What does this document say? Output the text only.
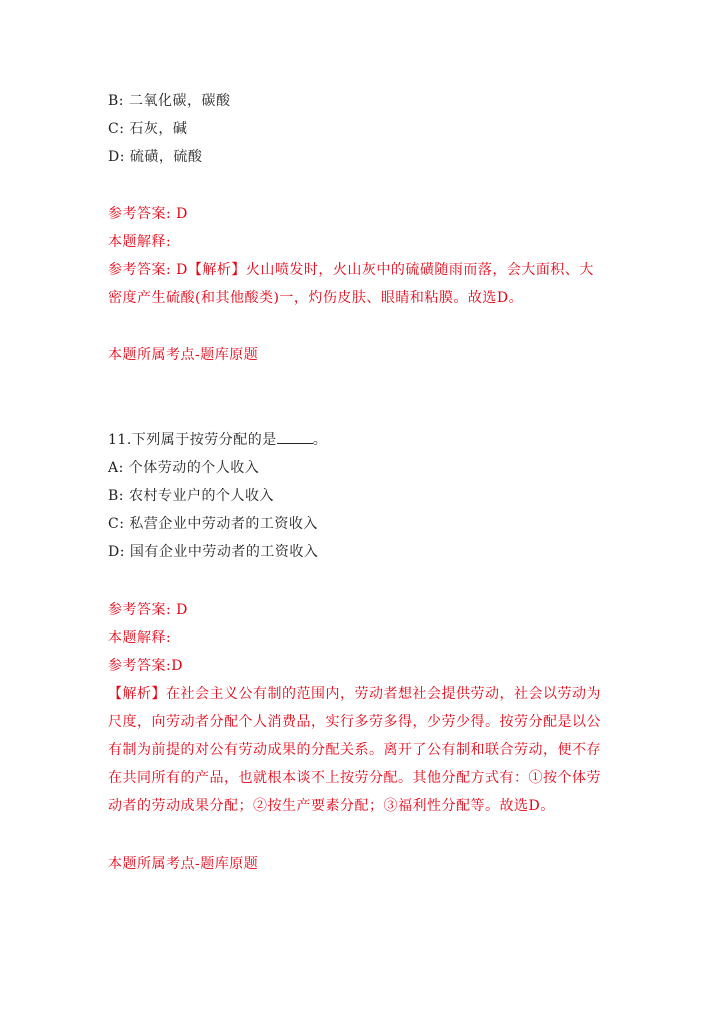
B: 二氧化碳，碳酸
C: 石灰，碱
D: 硫磺，硫酸
参考答案: D
本题解释:
参考答案: D【解析】火山喷发时，火山灰中的硫磺随雨而落，会大面积、大密度产生硫酸(和其他酸类)一，灼伤皮肤、眼睛和粘膜。故选D。
本题所属考点-题库原题
11.下列属于按劳分配的是	。
A: 个体劳动的个人收入
B: 农村专业户的个人收入
C: 私营企业中劳动者的工资收入
D: 国有企业中劳动者的工资收入
参考答案: D
本题解释:
参考答案:D
【解析】在社会主义公有制的范围内，劳动者想社会提供劳动，社会以劳动为尺度，向劳动者分配个人消费品，实行多劳多得，少劳少得。按劳分配是以公有制为前提的对公有劳动成果的分配关系。离开了公有制和联合劳动，便不存在共同所有的产品，也就根本谈不上按劳分配。其他分配方式有：①按个体劳动者的劳动成果分配；②按生产要素分配；③福利性分配等。故选D。
本题所属考点-题库原题
